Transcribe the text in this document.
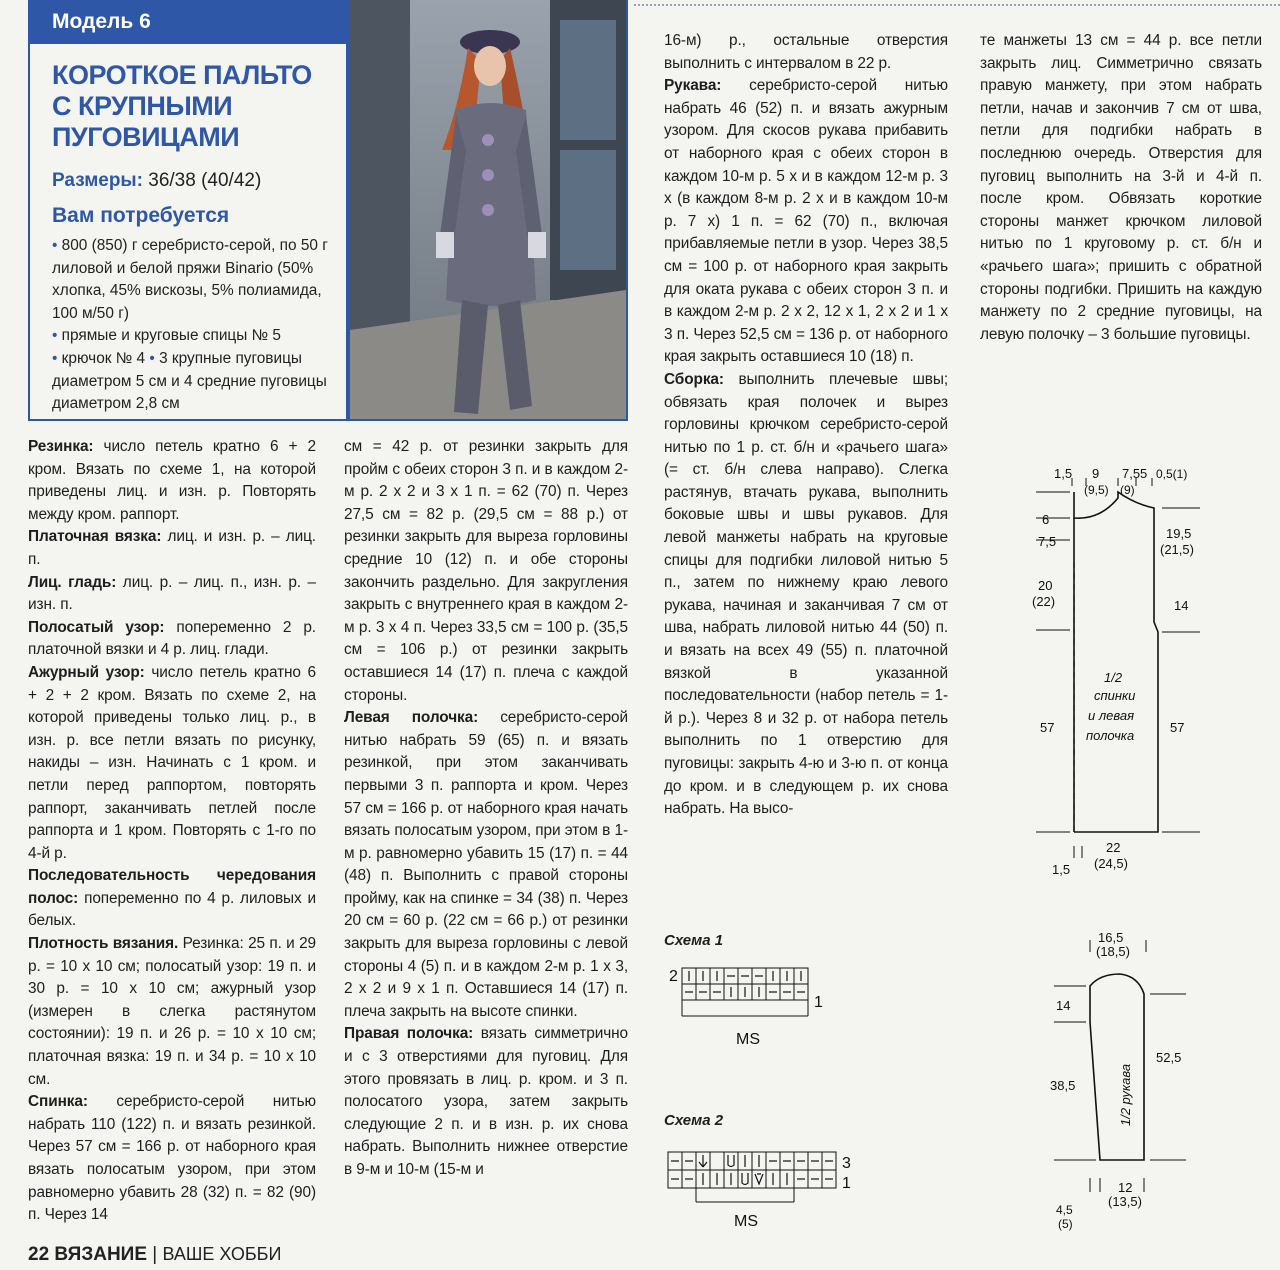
Модель 6
КОРОТКОЕ ПАЛЬТО
С КРУПНЫМИ
ПУГОВИЦАМИ
Размеры: 36/38 (40/42)
Вам потребуется

• 800 (850) г серебристо-серой, по 50 г лиловой и белой пряжи Binario (50% хлопка, 45% вискозы, 5% полиамида, 100 м/50 г)

• прямые и круговые спицы № 5

• крючок № 4 • 3 крупные пуговицы диаметром 5 см и 4 средние пуговицы диаметром 2,8 см

Резинка: число петель кратно 6 + 2 кром. Вязать по схеме 1, на которой приведены лиц. и изн. р. Повторять между кром. раппорт.

Платочная вязка: лиц. и изн. р. – лиц. п.

Лиц. гладь: лиц. р. – лиц. п., изн. р. – изн. п.

Полосатый узор: попеременно 2 р. платочной вязки и 4 р. лиц. глади.

Ажурный узор: число петель кратно 6 + 2 + 2 кром. Вязать по схеме 2, на которой приведены только лиц. р., в изн. р. все петли вязать по рисунку, накиды – изн. Начинать с 1 кром. и петли перед раппортом, повторять раппорт, заканчивать петлей после раппорта и 1 кром. Повторять с 1-го по 4-й р.

Последовательность чередования полос: попеременно по 4 р. лиловых и белых.

Плотность вязания. Резинка: 25 п. и 29 р. = 10 х 10 см; полосатый узор: 19 п. и 30 р. = 10 х 10 см; ажурный узор (измерен в слегка растянутом состоянии): 19 п. и 26 р. = 10 х 10 см; платочная вязка: 19 п. и 34 р. = 10 х 10 см.

Спинка: серебристо-серой нитью набрать 110 (122) п. и вязать резинкой. Через 57 см = 166 р. от наборного края вязать полосатым узором, при этом равномерно убавить 28 (32) п. = 82 (90) п. Через 14

см = 42 р. от резинки закрыть для пройм с обеих сторон 3 п. и в каждом 2-м р. 2 х 2 и 3 х 1 п. = 62 (70) п. Через 27,5 см = 82 р. (29,5 см = 88 р.) от резинки закрыть для выреза горловины средние 10 (12) п. и обе стороны закончить раздельно. Для закругления закрыть с внутреннего края в каждом 2-м р. 3 х 4 п. Через 33,5 см = 100 р. (35,5 см = 106 р.) от резинки закрыть оставшиеся 14 (17) п. плеча с каждой стороны.

Левая полочка: серебристо-серой нитью набрать 59 (65) п. и вязать резинкой, при этом заканчивать первыми 3 п. раппорта и кром. Через 57 см = 166 р. от наборного края начать вязать полосатым узором, при этом в 1-м р. равномерно убавить 15 (17) п. = 44 (48) п. Выполнить с правой стороны пройму, как на спинке = 34 (38) п. Через 20 см = 60 р. (22 см = 66 р.) от резинки закрыть для выреза горловины с левой стороны 4 (5) п. и в каждом 2-м р. 1 х 3, 2 х 2 и 9 х 1 п. Оставшиеся 14 (17) п. плеча закрыть на высоте спинки.

Правая полочка: вязать симметрично и с 3 отверстиями для пуговиц. Для этого провязать в лиц. р. кром. и 3 п. полосатого узора, затем закрыть следующие 2 п. и в изн. р. их снова набрать. Выполнить нижнее отверстие в 9-м и 10-м (15-м и

16-м) р., остальные отверстия выполнить с интервалом в 22 р.

Рукава: серебристо-серой нитью набрать 46 (52) п. и вязать ажурным узором. Для скосов рукава прибавить от наборного края с обеих сторон в каждом 10-м р. 5 х и в каждом 12-м р. 3 х (в каждом 8-м р. 2 х и в каждом 10-м р. 7 х) 1 п. = 62 (70) п., включая прибавляемые петли в узор. Через 38,5 см = 100 р. от наборного края закрыть для оката рукава с обеих сторон 3 п. и в каждом 2-м р. 2 х 2, 12 х 1, 2 х 2 и 1 х 3 п. Через 52,5 см = 136 р. от наборного края закрыть оставшиеся 10 (18) п.

Сборка: выполнить плечевые швы; обвязать края полочек и вырез горловины крючком серебристо-серой нитью по 1 р. ст. б/н и «рачьего шага» (= ст. б/н слева направо). Слегка растянув, втачать рукава, выполнить боковые швы и швы рукавов. Для левой манжеты набрать на круговые спицы для подгибки лиловой нитью 5 п., затем по нижнему краю левого рукава, начиная и заканчивая 7 см от шва, набрать лиловой нитью 44 (50) п. и вязать на всех 49 (55) п. платочной вязкой в указанной последовательности (набор петель = 1-й р.). Через 8 и 32 р. от набора петель выполнить по 1 отверстию для пуговицы: закрыть 4-ю и 3-ю п. от конца до кром. и в следующем р. их снова набрать. На высо-

те манжеты 13 см = 44 р. все петли закрыть лиц. Симметрично связать правую манжету, при этом набрать петли, начав и закончив 7 см от шва, петли для подгибки набрать в последнюю очередь. Отверстия для пуговиц выполнить на 3-й и 4-й п. после кром. Обвязать короткие стороны манжет крючком лиловой нитью по 1 круговому р. ст. б/н и «рачьего шага»; пришить с обратной стороны подгибки. Пришить на каждую манжету по 2 средние пуговицы, на левую полочку – 3 большие пуговицы.

Схема 1
2
1
MS
Схема 2
3
1
MS
1,5 9
(9,5)
7,5
(9)
5 0,5(1)
6
7,5
20
(22)
57
19,5
(21,5)
14
57
22
(24,5)
1,5
1/2
спинки
и левая
полочка
16,5
(18,5)
14
38,5
52,5
12
(13,5)
4,5
(5)
1/2 рукава
22 ВЯЗАНИЕ | ВАШЕ ХОББИ
